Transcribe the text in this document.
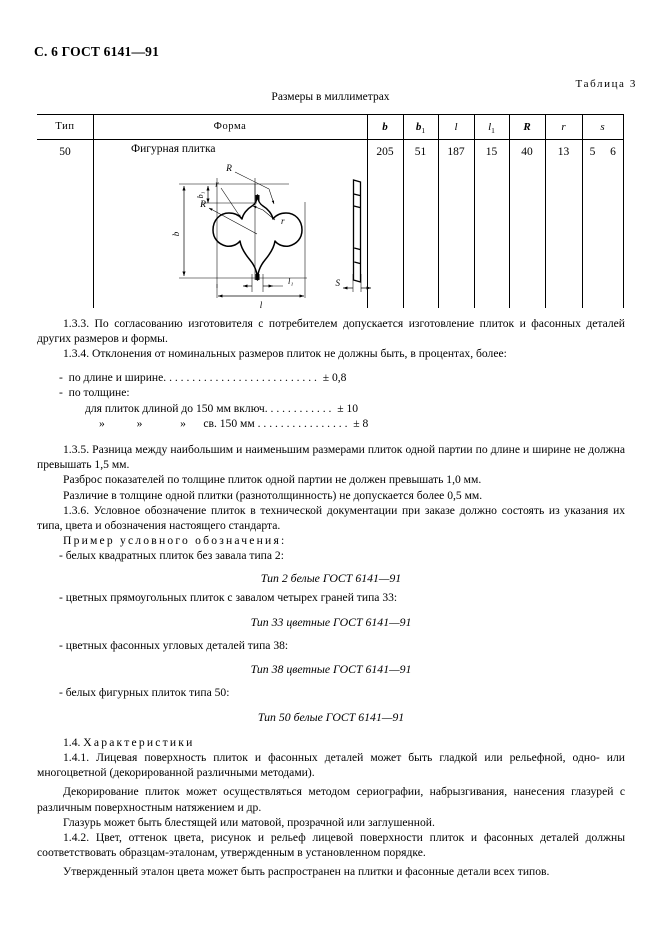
С. 6 ГОСТ 6141—91
Таблица 3
Размеры в миллиметрах
Тип	Форма	b	$b_1$	l	$l_1$	R	r	s
50	Фигурная плитка	205	51	187	15	40	13	5	6
b
b₁
l
l₁
R
r
r
R
S

1.3.3. По согласованию изготовителя с потребителем допускается изготовление плиток и фасонных деталей других размеров и формы.

1.3.4. Отклонения от номинальных размеров плиток не должны быть, в процентах, более:

-  по длине и ширине. . . . . . . . . . . . . . . . . . . . . . . . . . .  ± 0,8
-  по толщине:
для плиток длиной до 150 мм включ. . . . . . . . . . . .  ± 10
»           »             »      св. 150 мм . . . . . . . . . . . . . . . .  ± 8

1.3.5. Разница между наибольшим и наименьшим размерами плиток одной партии по длине и ширине не должна превышать 1,5 мм.

Разброс показателей по толщине плиток одной партии не должен превышать 1,0 мм.

Различие в толщине одной плитки (разнотолщинность) не допускается более 0,5 мм.

1.3.6. Условное обозначение плиток в технической документации при заказе должно состоять из указания их типа, цвета и обозначения настоящего стандарта.

Пример условного обозначения:

- белых квадратных плиток без завала типа 2:

Тип 2 белые ГОСТ 6141—91

- цветных прямоугольных плиток с завалом четырех граней типа 33:

Тип 33 цветные ГОСТ 6141—91

- цветных фасонных угловых деталей типа 38:

Тип 38 цветные ГОСТ 6141—91

- белых фигурных плиток типа 50:

Тип 50 белые ГОСТ 6141—91

1.4. Характеристики

1.4.1. Лицевая поверхность плиток и фасонных деталей может быть гладкой или рельефной, одно- или многоцветной (декорированной различными методами).

Декорирование плиток может осуществляться методом сериографии, набрызгивания, нанесения глазурей с различным поверхностным натяжением и др.

Глазурь может быть блестящей или матовой, прозрачной или заглушенной.

1.4.2. Цвет, оттенок цвета, рисунок и рельеф лицевой поверхности плиток и фасонных деталей должны соответствовать образцам-эталонам, утвержденным в установленном порядке.

Утвержденный эталон цвета может быть распространен на плитки и фасонные детали всех типов.
